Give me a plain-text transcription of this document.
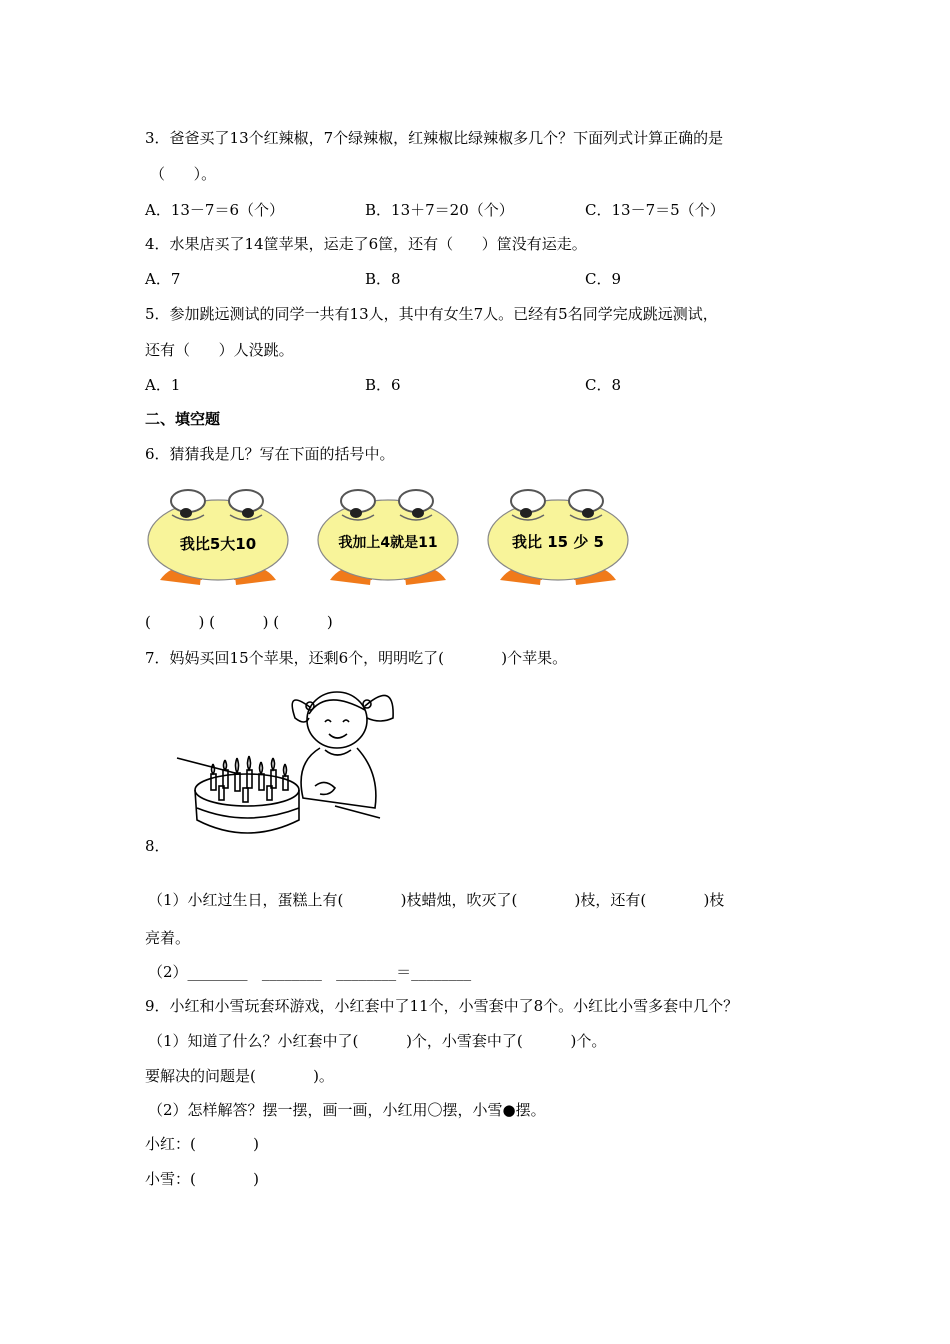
3．爸爸买了13个红辣椒，7个绿辣椒，红辣椒比绿辣椒多几个？下面列式计算正确的是
（      ）。
A．13－7＝6（个）	B．13＋7＝20（个）	C．13－7＝5（个）
4．水果店买了14筐苹果，运走了6筐，还有（      ）筐没有运走。
A．7	B．8	C．9
5．参加跳远测试的同学一共有13人，其中有女生7人。已经有5名同学完成跳远测试，
还有（      ）人没跳。
A．1	B．6	C．8
二、填空题
6．猜猜我是几？写在下面的括号中。
我比5大10	我加上4就是11	我比 15 少 5
(          ) (          ) (          )
7．妈妈买回15个苹果，还剩6个，明明吃了(            )个苹果。
8．
（1）小红过生日，蛋糕上有(            )枝蜡烛，吹灭了(            )枝，还有(            )枝
亮着。
（2）________   ________   ________＝________
9．小红和小雪玩套环游戏，小红套中了11个，小雪套中了8个。小红比小雪多套中几个？
（1）知道了什么？小红套中了(          )个，小雪套中了(          )个。
要解决的问题是(            )。
（2）怎样解答？摆一摆，画一画，小红用〇摆，小雪●摆。
小红：(            )
小雪：(            )
